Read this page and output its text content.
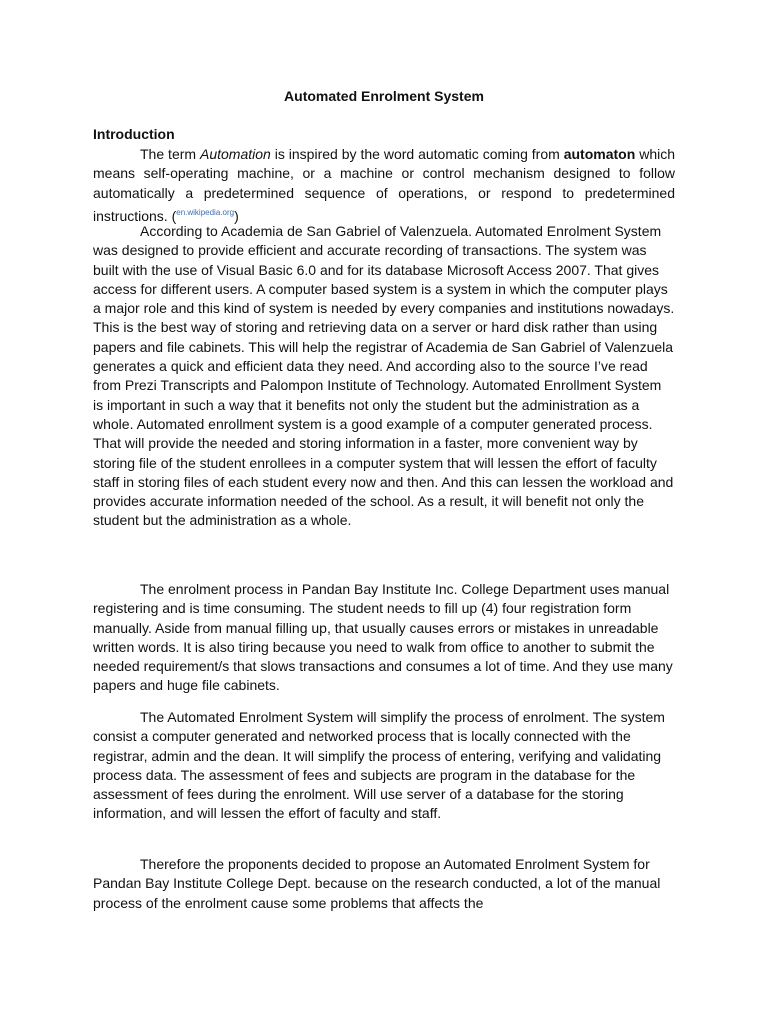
Automated Enrolment System
Introduction

The term Automation is inspired by the word automatic coming from automaton which means self-operating machine, or a machine or control mechanism designed to follow automatically a predetermined sequence of operations, or respond to predetermined instructions. ($^{en.wikipedia.org}$)

According to Academia de San Gabriel of Valenzuela. Automated Enrolment System was designed to provide efficient and accurate recording of transactions. The system was built with the use of Visual Basic 6.0 and for its database Microsoft Access 2007. That gives access for different users. A computer based system is a system in which the computer plays a major role and this kind of system is needed by every companies and institutions nowadays. This is the best way of storing and retrieving data on a server or hard disk rather than using papers and file cabinets. This will help the registrar of Academia de San Gabriel of Valenzuela generates a quick and efficient data they need. And according also to the source I’ve read from Prezi Transcripts and Palompon Institute of Technology. Automated Enrollment System is important in such a way that it benefits not only the student but the administration as a whole. Automated enrollment system is a good example of a computer generated process. That will provide the needed and storing information in a faster, more convenient way by storing file of the student enrollees in a computer system that will lessen the effort of faculty staff in storing files of each student every now and then. And this can lessen the workload and provides accurate information needed of the school. As a result, it will benefit not only the student but the administration as a whole.

The enrolment process in Pandan Bay Institute Inc. College Department uses manual registering and is time consuming. The student needs to fill up (4) four registration form manually. Aside from manual filling up, that usually causes errors or mistakes in unreadable written words. It is also tiring because you need to walk from office to another to submit the needed requirement/s that slows transactions and consumes a lot of time. And they use many papers and huge file cabinets.

The Automated Enrolment System will simplify the process of enrolment. The system consist a computer generated and networked process that is locally connected with the registrar, admin and the dean. It will simplify the process of entering, verifying and validating process data. The assessment of fees and subjects are program in the database for the assessment of fees during the enrolment. Will use server of a database for the storing information, and will lessen the effort of faculty and staff.

Therefore the proponents decided to propose an Automated Enrolment System for Pandan Bay Institute College Dept. because on the research conducted, a lot of the manual process of the enrolment cause some problems that affects the
